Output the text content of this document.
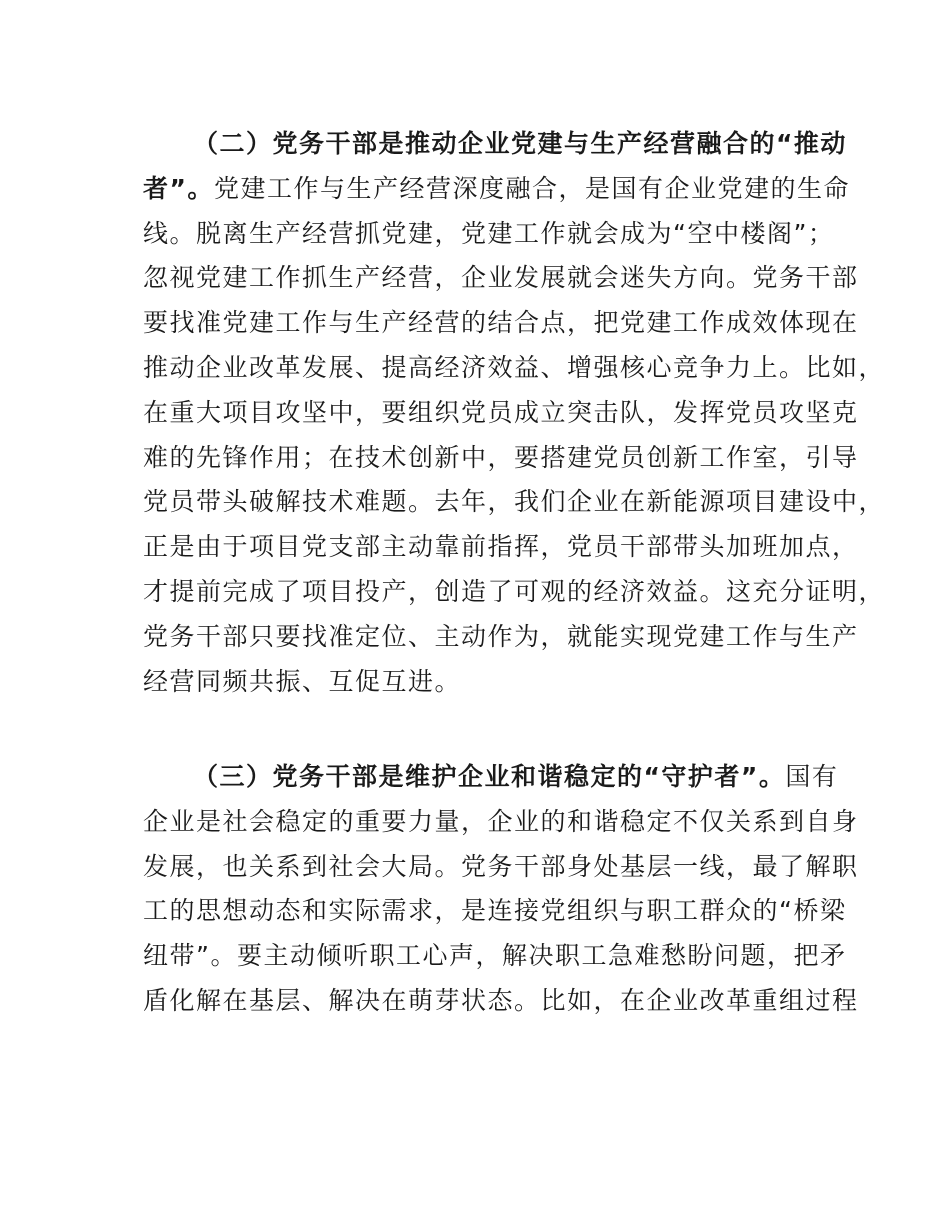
（二）党务干部是推动企业党建与生产经营融合的“推动
者”。党建工作与生产经营深度融合，是国有企业党建的生命
线。脱离生产经营抓党建，党建工作就会成为“空中楼阁”；
忽视党建工作抓生产经营，企业发展就会迷失方向。党务干部
要找准党建工作与生产经营的结合点，把党建工作成效体现在
推动企业改革发展、提高经济效益、增强核心竞争力上。比如，
在重大项目攻坚中，要组织党员成立突击队，发挥党员攻坚克
难的先锋作用；在技术创新中，要搭建党员创新工作室，引导
党员带头破解技术难题。去年，我们企业在新能源项目建设中，
正是由于项目党支部主动靠前指挥，党员干部带头加班加点，
才提前完成了项目投产，创造了可观的经济效益。这充分证明，
党务干部只要找准定位、主动作为，就能实现党建工作与生产
经营同频共振、互促互进。
（三）党务干部是维护企业和谐稳定的“守护者”。国有
企业是社会稳定的重要力量，企业的和谐稳定不仅关系到自身
发展，也关系到社会大局。党务干部身处基层一线，最了解职
工的思想动态和实际需求，是连接党组织与职工群众的“桥梁
纽带”。要主动倾听职工心声，解决职工急难愁盼问题，把矛
盾化解在基层、解决在萌芽状态。比如，在企业改革重组过程
